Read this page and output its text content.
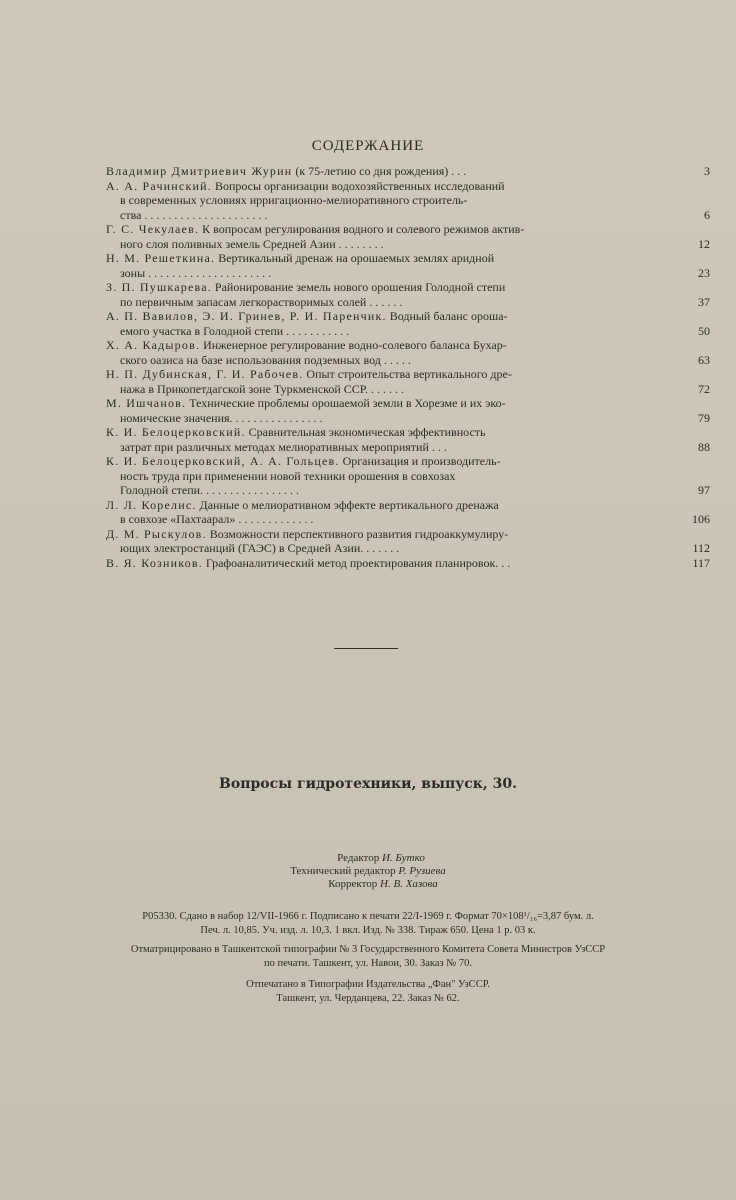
СОДЕРЖАНИЕ
Владимир Дмитриевич Журин (к 75-летию со дня рождения) . . .	3
А. А. Рачинский. Вопросы организации водохозяйственных исследований
в современных условиях ирригационно-мелиоративного строитель-
ства . . . . . . . . . . . . . . . . . . . . .	6
Г. С. Чекулаев. К вопросам регулирования водного и солевого режимов актив-
ного слоя поливных земель Средней Азии . . . . . . . .	12
Н. М. Решеткина. Вертикальный дренаж на орошаемых землях аридной
зоны . . . . . . . . . . . . . . . . . . . . .	23
З. П. Пушкарева. Районирование земель нового орошения Голодной степи
по первичным запасам легкорастворимых солей . . . . . .	37
А. П. Вавилов, Э. И. Гринев, Р. И. Паренчик. Водный баланс ороша-
емого участка в Голодной степи . . . . . . . . . . .	50
Х. А. Кадыров. Инженерное регулирование водно-солевого баланса Бухар-
ского оазиса на базе использования подземных вод . . . . .	63
Н. П. Дубинская, Г. И. Рабочев. Опыт строительства вертикального дре-
нажа в Прикопетдагской зоне Туркменской ССР. . . . . . .	72
М. Ишчанов. Технические проблемы орошаемой земли в Хорезме и их эко-
номические значения. . . . . . . . . . . . . . . .	79
К. И. Белоцерковский. Сравнительная экономическая эффективность
затрат при различных методах мелиоративных мероприятий . . .	88
К. И. Белоцерковский, А. А. Гольцев. Организация и производитель-
ность труда при применении новой техники орошения в совхозах
Голодной степи. . . . . . . . . . . . . . . . .	97
Л. Л. Корелис. Данные о мелиоративном эффекте вертикального дренажа
в совхозе «Пахтаарал» . . . . . . . . . . . . .	106
Д. М. Рыскулов. Возможности перспективного развития гидроаккумулиру-
ющих электростанций (ГАЭС) в Средней Азии. . . . . . .	112
В. Я. Козников. Графоаналитический метод проектирования планировок. . .	117
Вопросы гидротехники, выпуск, 30.
Редактор И. Бутко
Технический редактор Р. Рузиева
Корректор Н. В. Хазова
Р05330. Сдано в набор 12/VII-1966 г. Подписано к печати 22/I-1969 г. Формат 70×108¹/₁₆=3,87 бум. л.
Печ. л. 10,85. Уч. изд. л. 10,3. 1 вкл. Изд. № 338. Тираж 650. Цена 1 р. 03 к.
Отматрицировано в Ташкентской типографии № 3 Государственного Комитета Совета Министров УзССР
по печати. Ташкент, ул. Навои, 30. Заказ № 70.
Отпечатано в Типографии Издательства „Фан" УзССР.
Ташкент, ул. Черданцева, 22. Заказ № 62.
